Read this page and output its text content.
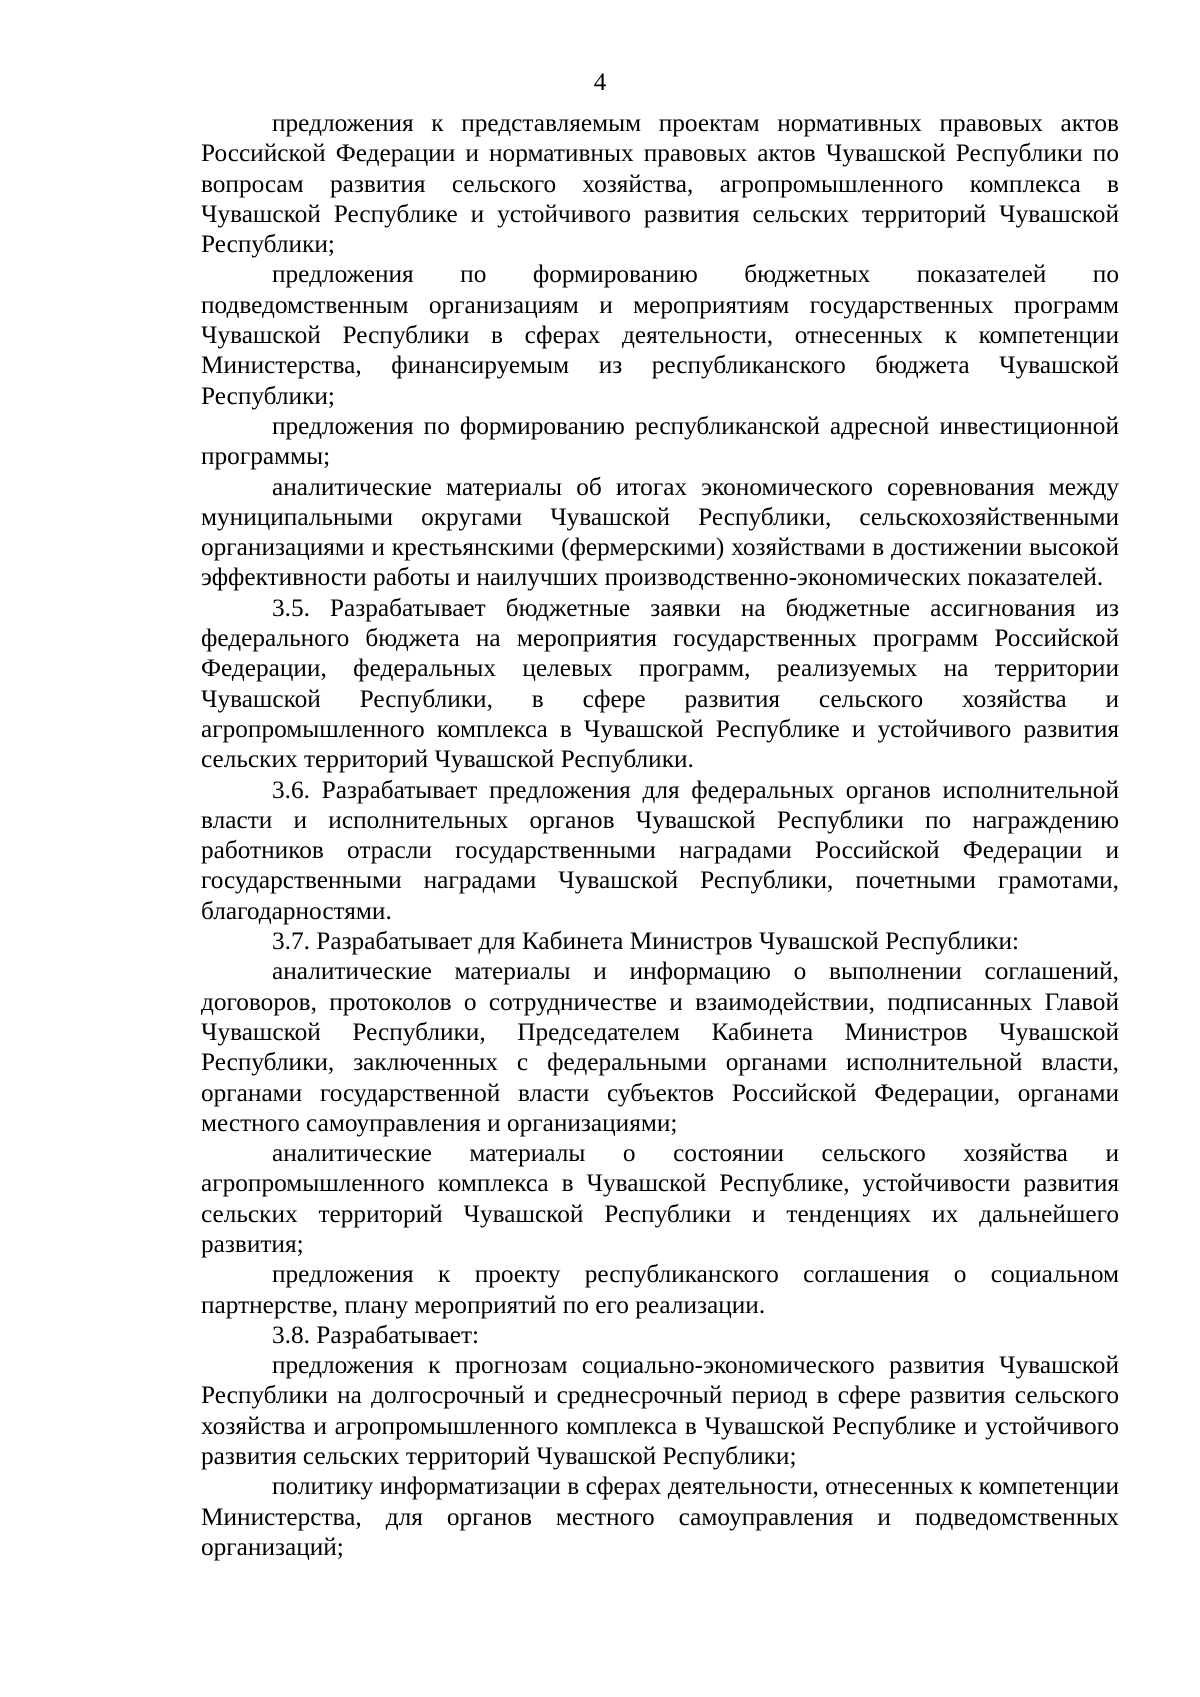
4

предложения к представляемым проектам нормативных правовых актов Российской Федерации и нормативных правовых актов Чувашской Республики по вопросам развития сельского хозяйства, агропромышленного комплекса в Чувашской Республике и устойчивого развития сельских территорий Чувашской Республики;

предложения по формированию бюджетных показателей по подведомственным организациям и мероприятиям государственных программ Чувашской Республики в сферах деятельности, отнесенных к компетенции Министерства, финансируемым из республиканского бюджета Чувашской Республики;

предложения по формированию республиканской адресной инвестиционной программы;

аналитические материалы об итогах экономического соревнования между муниципальными округами Чувашской Республики, сельскохозяйственными организациями и крестьянскими (фермерскими) хозяйствами в достижении высокой эффективности работы и наилучших производственно-экономических показателей.

3.5. Разрабатывает бюджетные заявки на бюджетные ассигнования из федерального бюджета на мероприятия государственных программ Российской Федерации, федеральных целевых программ, реализуемых на территории Чувашской Республики, в сфере развития сельского хозяйства и агропромышленного комплекса в Чувашской Республике и устойчивого развития сельских территорий Чувашской Республики.

3.6. Разрабатывает предложения для федеральных органов исполнительной власти и исполнительных органов Чувашской Республики по награждению работников отрасли государственными наградами Российской Федерации и государственными наградами Чувашской Республики, почетными грамотами, благодарностями.

3.7. Разрабатывает для Кабинета Министров Чувашской Республики:

аналитические материалы и информацию о выполнении соглашений, договоров, протоколов о сотрудничестве и взаимодействии, подписанных Главой Чувашской Республики, Председателем Кабинета Министров Чувашской Республики, заключенных с федеральными органами исполнительной власти, органами государственной власти субъектов Российской Федерации, органами местного самоуправления и организациями;

аналитические материалы о состоянии сельского хозяйства и агропромышленного комплекса в Чувашской Республике, устойчивости развития сельских территорий Чувашской Республики и тенденциях их дальнейшего развития;

предложения к проекту республиканского соглашения о социальном партнерстве, плану мероприятий по его реализации.

3.8. Разрабатывает:

предложения к прогнозам социально-экономического развития Чувашской Республики на долгосрочный и среднесрочный период в сфере развития сельского хозяйства и агропромышленного комплекса в Чувашской Республике и устойчивого развития сельских территорий Чувашской Республики;

политику информатизации в сферах деятельности, отнесенных к компетенции Министерства, для органов местного самоуправления и подведомственных организаций;
